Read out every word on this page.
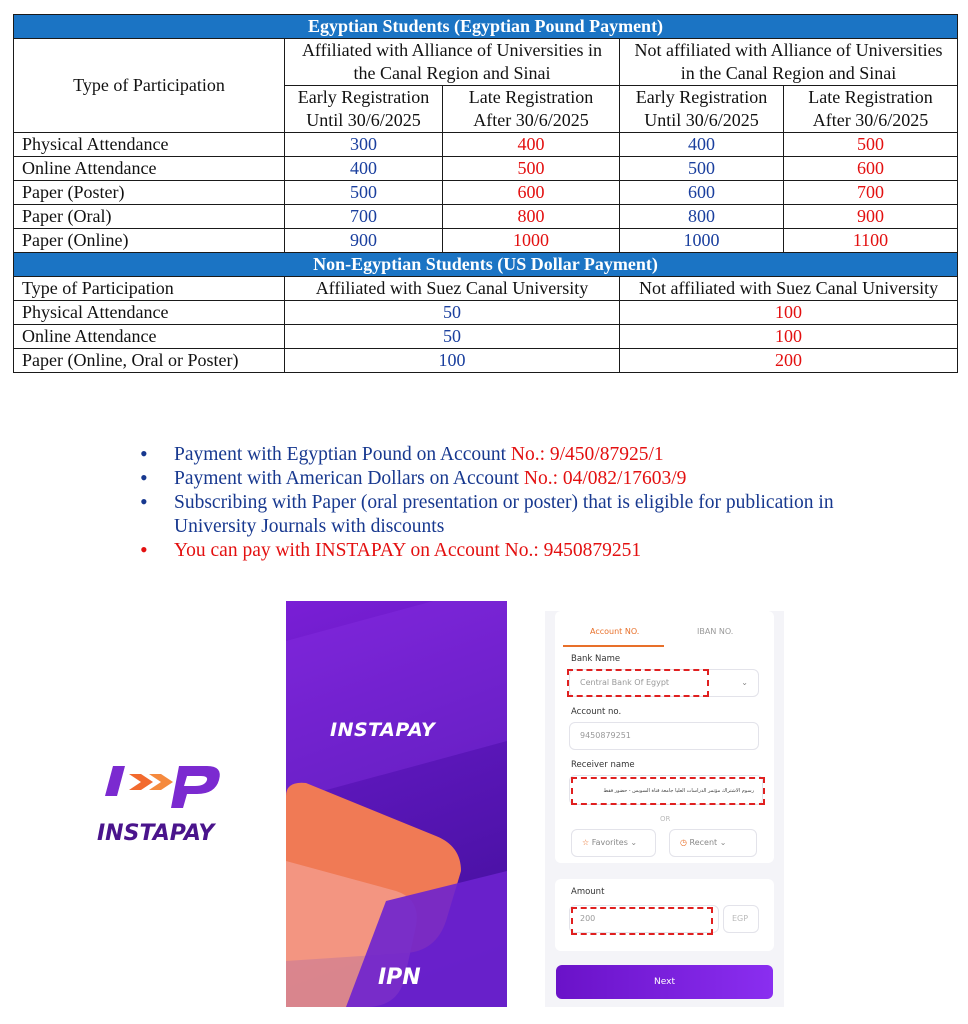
Egyptian Students (Egyptian Pound Payment)				
Type of Participation	Affiliated with Alliance of Universities in the Canal Region and Sinai		Not affiliated with Alliance of Universities in the Canal Region and Sinai	
	Early Registration Until 30/6/2025	Late Registration After 30/6/2025	Early Registration Until 30/6/2025	Late Registration After 30/6/2025
Physical Attendance	300	400	400	500
Online Attendance	400	500	500	600
Paper (Poster)	500	600	600	700
Paper (Oral)	700	800	800	900
Paper (Online)	900	1000	1000	1100
Non-Egyptian Students (US Dollar Payment)				
Type of Participation	Affiliated with Suez Canal University		Not affiliated with Suez Canal University	
Physical Attendance	50		100	
Online Attendance	50		100	
Paper (Online, Oral or Poster)	100		200	
• Payment with Egyptian Pound on Account No.: 9/450/87925/1
• Payment with American Dollars on Account No.: 04/082/17603/9
• Subscribing with Paper (oral presentation or poster) that is eligible for publication in University Journals with discounts
• You can pay with INSTAPAY on Account No.: 9450879251
INSTAPAY
INSTAPAY
IPN
Account NO.	IBAN NO.
Bank Name
Central Bank Of Egypt	⌄
Account no.
9450879251
Receiver name
رسوم الاشتراك مؤتمر الدراسات العليا جامعة قناة السويس - حضور فقط
OR
☆ Favorites ⌄	◷ Recent ⌄
Amount
200	EGP
Next
